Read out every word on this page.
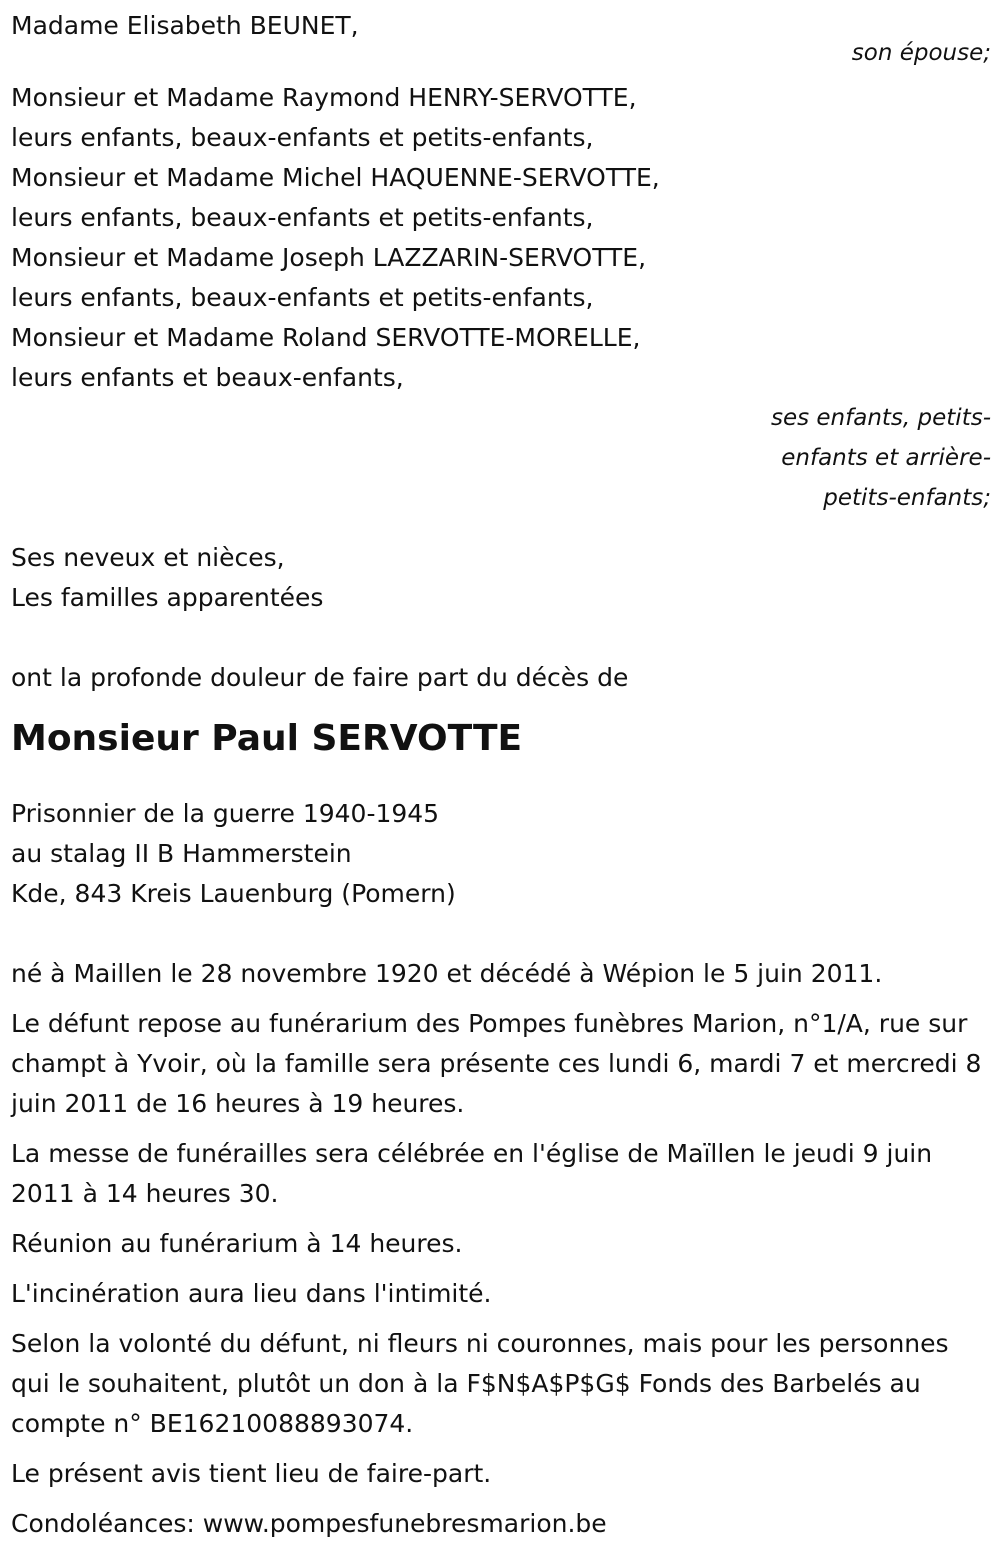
Madame Elisabeth BEUNET,
son épouse;
Monsieur et Madame Raymond HENRY-SERVOTTE,
leurs enfants, beaux-enfants et petits-enfants,
Monsieur et Madame Michel HAQUENNE-SERVOTTE,
leurs enfants, beaux-enfants et petits-enfants,
Monsieur et Madame Joseph LAZZARIN-SERVOTTE,
leurs enfants, beaux-enfants et petits-enfants,
Monsieur et Madame Roland SERVOTTE-MORELLE,
leurs enfants et beaux-enfants,
ses enfants, petits-
enfants et arrière-
petits-enfants;
Ses neveux et nièces,
Les familles apparentées
ont la profonde douleur de faire part du décès de
Monsieur Paul SERVOTTE
Prisonnier de la guerre 1940-1945
au stalag II B Hammerstein
Kde, 843 Kreis Lauenburg (Pomern)

né à Maillen le 28 novembre 1920 et décédé à Wépion le 5 juin 2011.

Le défunt repose au funérarium des Pompes funèbres Marion, n°1/A, rue sur champt à Yvoir, où la famille sera présente ces lundi 6, mardi 7 et mercredi 8 juin 2011 de 16 heures à 19 heures.

La messe de funérailles sera célébrée en l'église de Maïllen le jeudi 9 juin 2011 à 14 heures 30.

Réunion au funérarium à 14 heures.

L'incinération aura lieu dans l'intimité.

Selon la volonté du défunt, ni fleurs ni couronnes, mais pour les personnes qui le souhaitent, plutôt un don à la F$N$A$P$G$ Fonds des Barbelés au compte n° BE16210088893074.

Le présent avis tient lieu de faire-part.

Condoléances: www.pompesfunebresmarion.be
